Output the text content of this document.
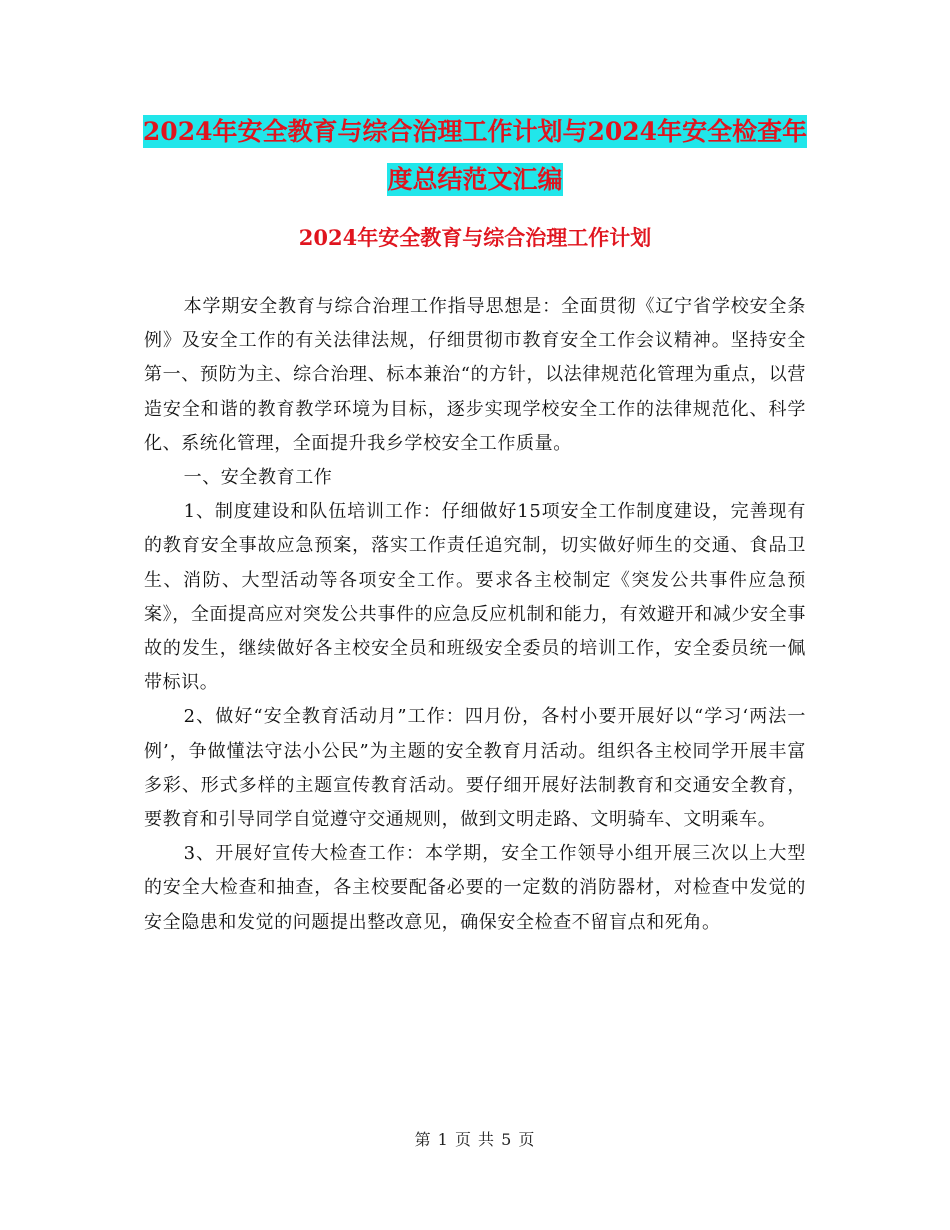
2024年安全教育与综合治理工作计划与2024年安全检查年度总结范文汇编
2024年安全教育与综合治理工作计划

本学期安全教育与综合治理工作指导思想是：全面贯彻《辽宁省学校安全条例》及安全工作的有关法律法规，仔细贯彻市教育安全工作会议精神。坚持安全第一、预防为主、综合治理、标本兼治“的方针，以法律规范化管理为重点，以营造安全和谐的教育教学环境为目标，逐步实现学校安全工作的法律规范化、科学化、系统化管理，全面提升我乡学校安全工作质量。

一、安全教育工作

1、制度建设和队伍培训工作：仔细做好15项安全工作制度建设，完善现有的教育安全事故应急预案，落实工作责任追究制，切实做好师生的交通、食品卫生、消防、大型活动等各项安全工作。要求各主校制定《突发公共事件应急预案》，全面提高应对突发公共事件的应急反应机制和能力，有效避开和减少安全事故的发生，继续做好各主校安全员和班级安全委员的培训工作，安全委员统一佩带标识。

2、做好“安全教育活动月”工作：四月份，各村小要开展好以“学习‘两法一例’，争做懂法守法小公民”为主题的安全教育月活动。组织各主校同学开展丰富多彩、形式多样的主题宣传教育活动。要仔细开展好法制教育和交通安全教育，要教育和引导同学自觉遵守交通规则，做到文明走路、文明骑车、文明乘车。

3、开展好宣传大检查工作：本学期，安全工作领导小组开展三次以上大型的安全大检查和抽查，各主校要配备必要的一定数的消防器材，对检查中发觉的安全隐患和发觉的问题提出整改意见，确保安全检查不留盲点和死角。

第 1 页 共 5 页
